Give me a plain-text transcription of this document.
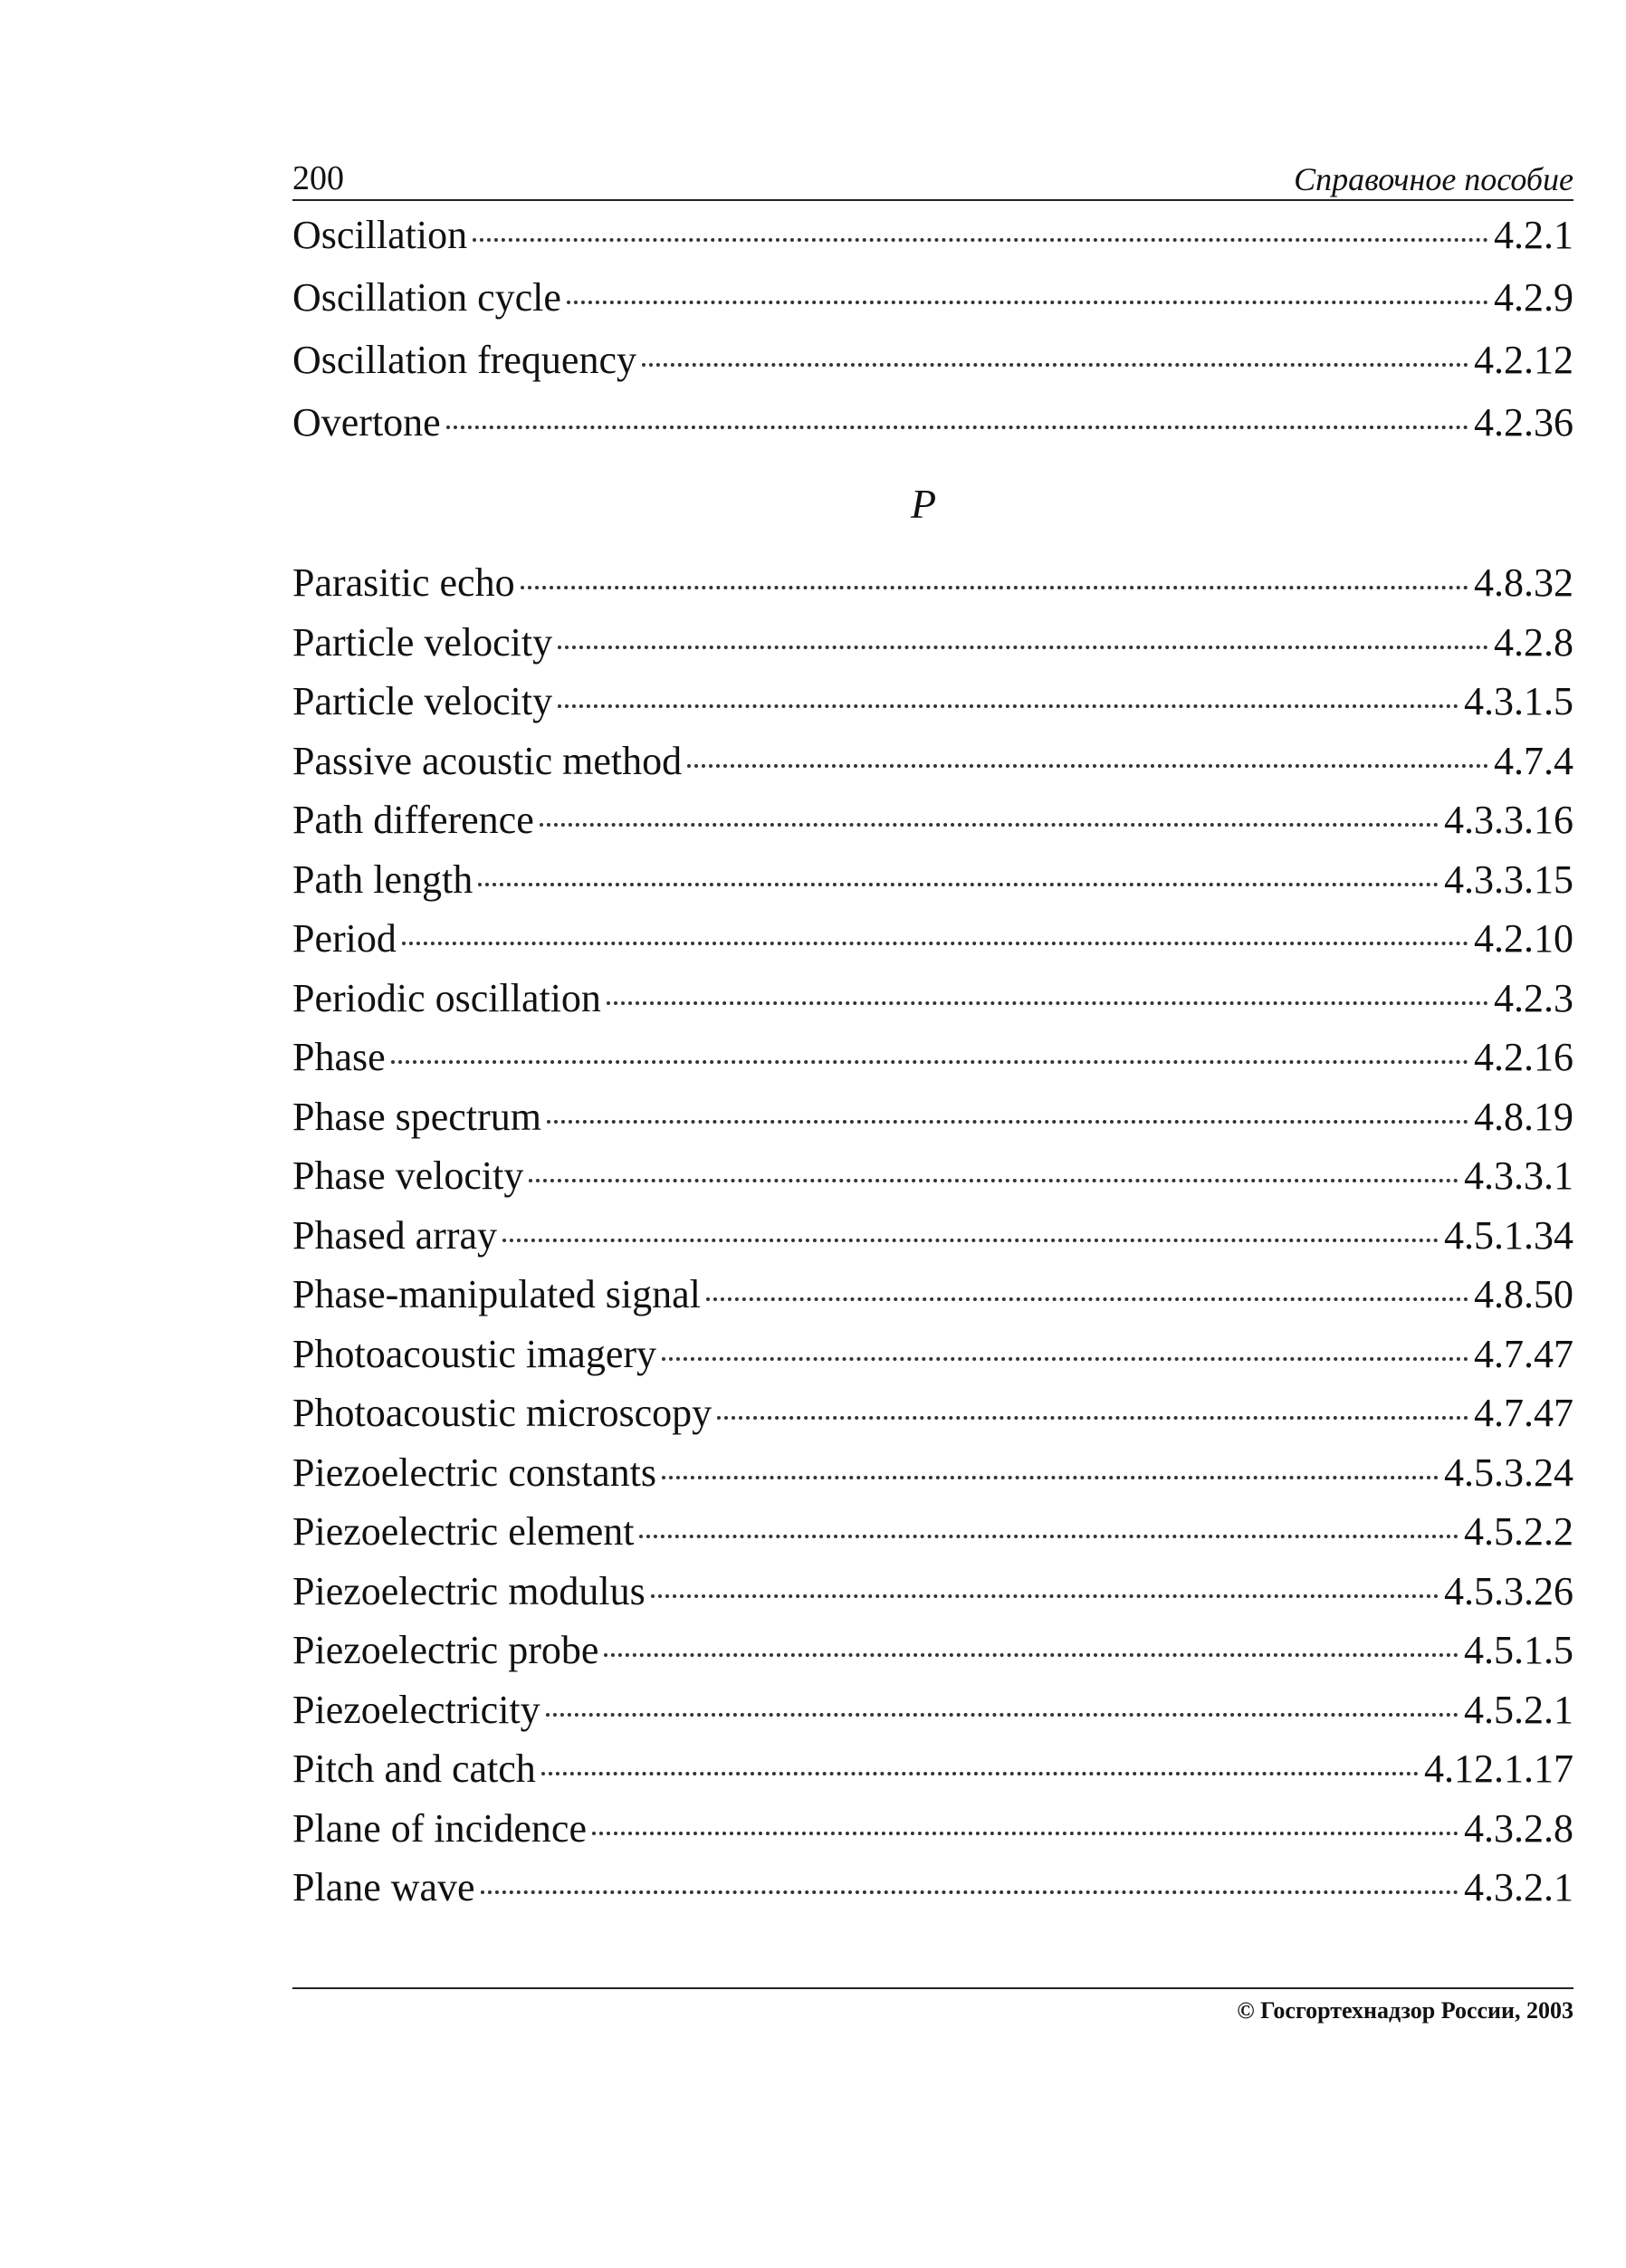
200	Справочное пособие
Oscillation	4.2.1
Oscillation cycle	4.2.9
Oscillation frequency	4.2.12
Overtone	4.2.36
P
Parasitic echo	4.8.32
Particle velocity	4.2.8
Particle velocity	4.3.1.5
Passive acoustic method	4.7.4
Path difference	4.3.3.16
Path length	4.3.3.15
Period	4.2.10
Periodic oscillation	4.2.3
Phase	4.2.16
Phase spectrum	4.8.19
Phase velocity	4.3.3.1
Phased array	4.5.1.34
Phase-manipulated signal	4.8.50
Photoacoustic imagery	4.7.47
Photoacoustic microscopy	4.7.47
Piezoelectric constants	4.5.3.24
Piezoelectric element	4.5.2.2
Piezoelectric modulus	4.5.3.26
Piezoelectric probe	4.5.1.5
Piezoelectricity	4.5.2.1
Pitch and catch	4.12.1.17
Plane of incidence	4.3.2.8
Plane wave	4.3.2.1
© Госгортехнадзор России, 2003
